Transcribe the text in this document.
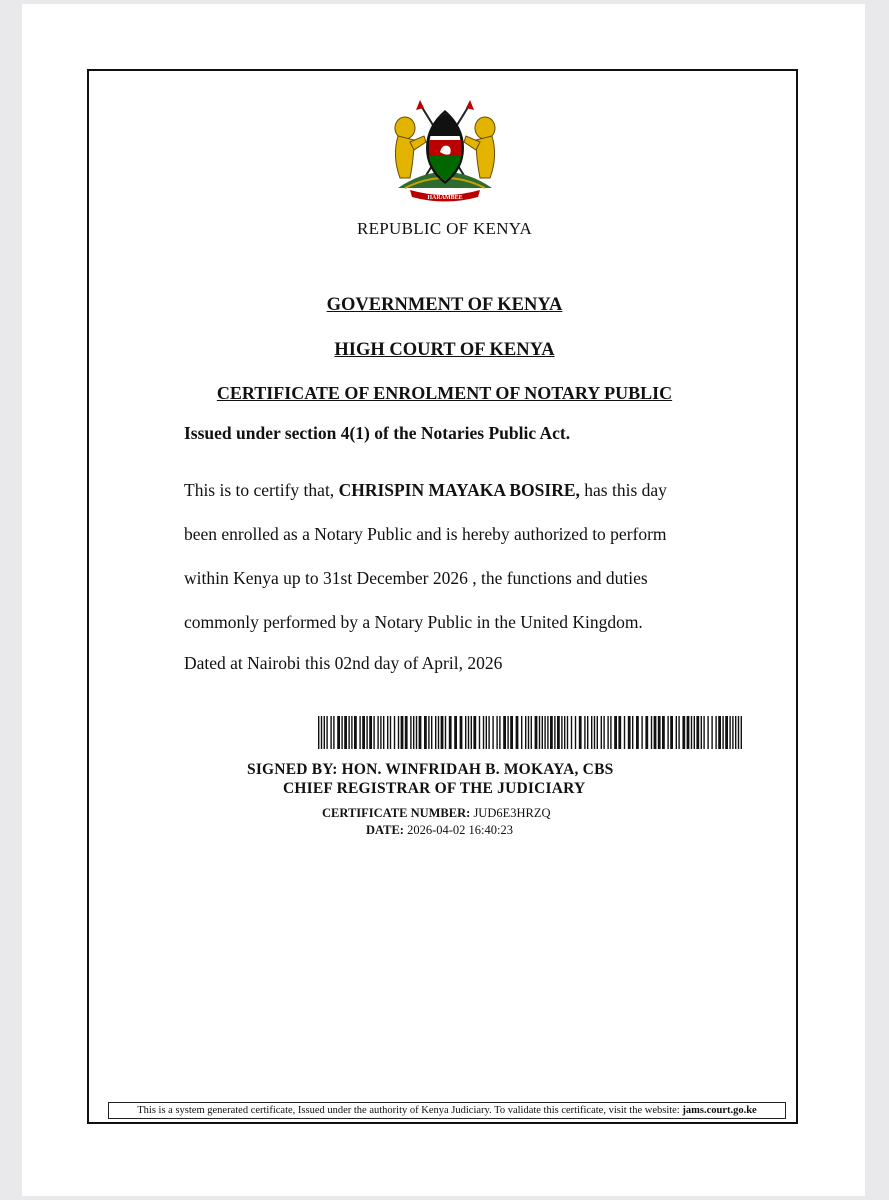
HARAMBEE
REPUBLIC OF KENYA
GOVERNMENT OF KENYA
HIGH COURT OF KENYA
CERTIFICATE OF ENROLMENT OF NOTARY PUBLIC
Issued under section 4(1) of the Notaries Public Act.
This is to certify that, CHRISPIN MAYAKA BOSIRE, has this day
been enrolled as a Notary Public and is hereby authorized to perform
within Kenya up to 31st December 2026 , the functions and duties
commonly performed by a Notary Public in the United Kingdom.
Dated at Nairobi this 02nd day of April, 2026
SIGNED BY: HON. WINFRIDAH B. MOKAYA, CBS
CHIEF REGISTRAR OF THE JUDICIARY
CERTIFICATE NUMBER: JUD6E3HRZQ
DATE: 2026-04-02 16:40:23
This is a system generated certificate, Issued under the authority of Kenya Judiciary. To validate this certificate, visit the website: jams.court.go.ke
